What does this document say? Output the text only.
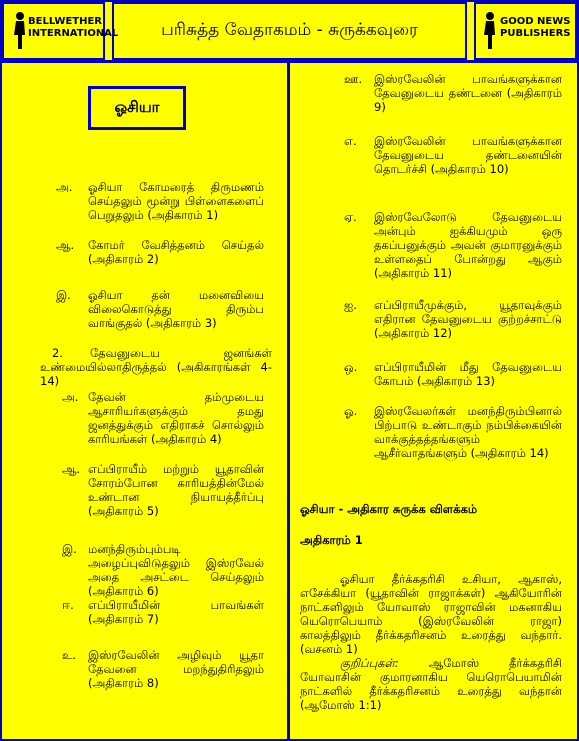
BELLWETHER INTERNATIONAL	பரிசுத்த வேதாகமம் - சுருக்கவுரை	GOOD NEWS PUBLISHERS
ஓசியா
அ. ஓசியா கோமரைத் திருமணம் செய்தலும் மூன்று பிள்ளைகளைப் பெறுதலும் (அதிகாரம் 1)
ஆ. கோமர் வேசித்தனம் செய்தல் (அதிகாரம் 2)
இ. ஓசியா தன் மனைவியை விலைகொடுத்து திரும்ப வாங்குதல் (அதிகாரம் 3)
2.	தேவனுடைய ஜனங்கள் உண்மையில்லாதிருத்தல் (அகிகாரங்கள் 4-14)
அ. தேவன் தம்முடைய ஆசாரியர்களுக்கும் தமது ஜனத்துக்கும் எதிராகச் சொல்லும் காரியங்கள் (அதிகாரம் 4)
ஆ. எப்பிராயீம் மற்றும் யூதாவின் சோரம்போன காரியத்தின்மேல் உண்டான நியாயத்தீர்ப்பு (அதிகாரம் 5)
இ. மனந்திரும்பும்படி அழைப்புவிடுதலும் இஸ்ரவேல் அதை அசட்டை செய்தலும் (அதிகாரம் 6)
ஈ. எப்பிராயீமின் பாவங்கள் (அதிகாரம் 7)
உ. இஸ்ரவேலின் அழிவும் யூதா தேவனை மறந்துதிரிதலும் (அதிகாரம் 8)
ஊ. இஸ்ரவேலின் பாவங்களுக்கான தேவனுடைய தண்டனை (அதிகாரம் 9)
எ. இஸ்ரவேலின் பாவங்களுக்கான தேவனுடைய தண்டனையின் தொடர்ச்சி (அதிகாரம் 10)
ஏ. இஸ்ரவேலோடு தேவனுடைய அன்பும் ஐக்கியமும் ஒரு தகப்பனுக்கும் அவன் குமாரனுக்கும் உள்ளதைப் போன்றது ஆகும் (அதிகாரம் 11)
ஐ. எப்பிராயீமுக்கும், யூதாவுக்கும் எதிரான தேவனுடைய குற்றச்சாட்டு (அதிகாரம் 12)
ஒ. எப்பிராயீமின் மீது தேவனுடைய கோபம் (அதிகாரம் 13)
ஓ. இஸ்ரவேலர்கள் மனந்திரும்பினால் பிற்பாடு உண்டாகும் நம்பிக்கையின் வாக்குத்தத்தங்களும் ஆசீர்வாதங்களும் (அதிகாரம் 14)
ஓசியா - அதிகார சுருக்க விளக்கம்
அதிகாரம் 1
ஓசியா தீர்க்கதரிசி உசியா, ஆகாஸ், எசேக்கியா (யூதாவின் ராஜாக்கள்) ஆகியோரின் நாட்களிலும் யோவாஸ் ராஜாவின் மகனாகிய யெரொபெயாம் (இஸ்ரவேலின் ராஜா) காலத்திலும் தீர்க்கதரிசனம் உரைத்து வந்தார். (வசனம் 1)
குறிப்புகள்: ஆமோஸ் தீர்க்கதரிசி யோவாசின் குமாரனாகிய யெரொபெயாமின் நாட்களில் தீர்க்கதரிசனம் உரைத்து வந்தான் (ஆமோஸ் 1:1)
